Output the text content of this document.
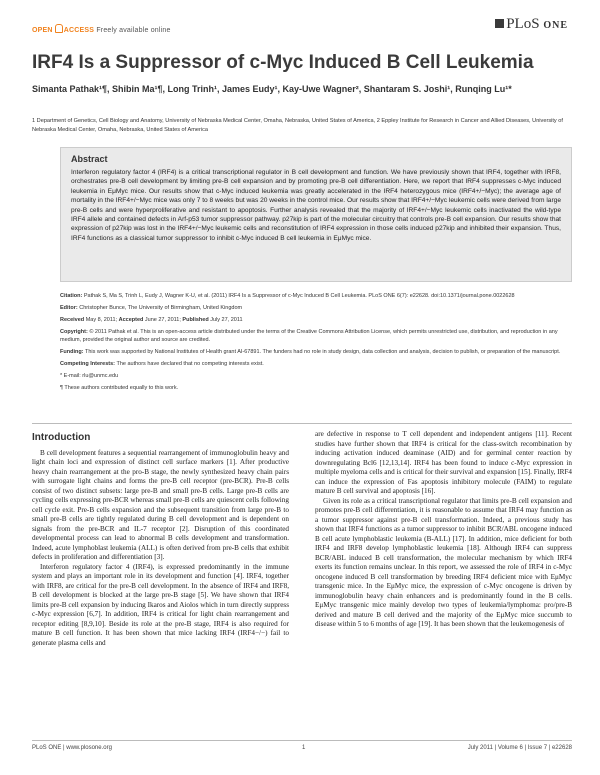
OPEN ACCESS Freely available online	PLoS ONE
IRF4 Is a Suppressor of c-Myc Induced B Cell Leukemia
Simanta Pathak¹¶, Shibin Ma¹¶, Long Trinh¹, James Eudy¹, Kay-Uwe Wagner², Shantaram S. Joshi¹, Runqing Lu¹*
1 Department of Genetics, Cell Biology and Anatomy, University of Nebraska Medical Center, Omaha, Nebraska, United States of America, 2 Eppley Institute for Research in Cancer and Allied Diseases, University of Nebraska Medical Center, Omaha, Nebraska, United States of America
Abstract

Interferon regulatory factor 4 (IRF4) is a critical transcriptional regulator in B cell development and function. We have previously shown that IRF4, together with IRF8, orchestrates pre-B cell development by limiting pre-B cell expansion and by promoting pre-B cell differentiation. Here, we report that IRF4 suppresses c-Myc induced leukemia in EμMyc mice. Our results show that c-Myc induced leukemia was greatly accelerated in the IRF4 heterozygous mice (IRF4+/−Myc); the average age of mortality in the IRF4+/−Myc mice was only 7 to 8 weeks but was 20 weeks in the control mice. Our results show that IRF4+/−Myc leukemic cells were derived from large pre-B cells and were hyperproliferative and resistant to apoptosis. Further analysis revealed that the majority of IRF4+/−Myc leukemic cells inactivated the wild-type IRF4 allele and contained defects in Arf-p53 tumor suppressor pathway. p27kip is part of the molecular circuitry that controls pre-B cell expansion. Our results show that expression of p27kip was lost in the IRF4+/−Myc leukemic cells and reconstitution of IRF4 expression in those cells induced p27kip and inhibited their expansion. Thus, IRF4 functions as a classical tumor suppressor to inhibit c-Myc induced B cell leukemia in EμMyc mice.

Citation: Pathak S, Ma S, Trinh L, Eudy J, Wagner K-U, et al. (2011) IRF4 Is a Suppressor of c-Myc Induced B Cell Leukemia. PLoS ONE 6(7): e22628. doi:10.1371/journal.pone.0022628

Editor: Christopher Bunce, The University of Birmingham, United Kingdom

Received May 8, 2011; Accepted June 27, 2011; Published July 27, 2011

Copyright: © 2011 Pathak et al. This is an open-access article distributed under the terms of the Creative Commons Attribution License, which permits unrestricted use, distribution, and reproduction in any medium, provided the original author and source are credited.

Funding: This work was supported by National Institutes of Health grant AI-67891. The funders had no role in study design, data collection and analysis, decision to publish, or preparation of the manuscript.

Competing Interests: The authors have declared that no competing interests exist.

* E-mail: rlu@unmc.edu

¶ These authors contributed equally to this work.

Introduction

B cell development features a sequential rearrangement of immunoglobulin heavy and light chain loci and expression of distinct cell surface markers [1]. After productive heavy chain rearrangement at the pro-B stage, the newly synthesized heavy chain pairs with surrogate light chains and forms the pre-B cell receptor (pre-BCR). Pre-B cells consist of two distinct subsets: large pre-B and small pre-B cells. Large pre-B cells are cycling cells expressing pre-BCR whereas small pre-B cells are quiescent cells following cell cycle exit. Pre-B cells expansion and the subsequent transition from large pre-B to small pre-B cells are tightly regulated during B cell development and is dependent on signals from the pre-BCR and IL-7 receptor [2]. Disruption of this coordinated developmental process can lead to abnormal B cells development and transformation. Indeed, acute lymphoblast leukemia (ALL) is often derived from pre-B cells that exhibit defects in proliferation and differentiation [3].

Interferon regulatory factor 4 (IRF4), is expressed predominantly in the immune system and plays an important role in its development and function [4]. IRF4, together with IRF8, are critical for the pre-B cell development. In the absence of IRF4 and IRF8, B cell development is blocked at the large pre-B stage [5]. We have shown that IRF4 limits pre-B cell expansion by inducing Ikaros and Aiolos which in turn directly suppress c-Myc expression [6,7]. In addition, IRF4 is critical for light chain rearrangement and receptor editing [8,9,10]. Beside its role at the pre-B stage, IRF4 is also required for mature B cell function. It has been shown that mice lacking IRF4 (IRF4−/−) fail to generate plasma cells and

are defective in response to T cell dependent and independent antigens [11]. Recent studies have further shown that IRF4 is critical for the class-switch recombination by inducing activation induced deaminase (AID) and for germinal center reaction by downregulating Bcl6 [12,13,14]. IRF4 has been found to induce c-Myc expression in multiple myeloma cells and is critical for their survival and expansion [15]. Finally, IRF4 can induce the expression of Fas apoptosis inhibitory molecule (FAIM) to regulate mature B cell survival and apoptosis [16].

Given its role as a critical transcriptional regulator that limits pre-B cell expansion and promotes pre-B cell differentiation, it is reasonable to assume that IRF4 may function as a tumor suppressor against pre-B cell transformation. Indeed, a previous study has shown that IRF4 functions as a tumor suppressor to inhibit BCR/ABL oncogene induced B cell acute lymphoblastic leukemia (B-ALL) [17]. In addition, mice deficient for both IRF4 and IRF8 develop lymphoblastic leukemia [18]. Although IRF4 can suppress BCR/ABL induced B cell transformation, the molecular mechanism by which IRF4 exerts its function remains unclear. In this report, we assessed the role of IRF4 in c-Myc oncogene induced B cell transformation by breeding IRF4 deficient mice with EμMyc transgenic mice. In the EμMyc mice, the expression of c-Myc oncogene is driven by immunoglobulin heavy chain enhancers and is predominantly found in the B cells. EμMyc transgenic mice mainly develop two types of leukemia/lymphoma: pro/pre-B derived and mature B cell derived and the majority of the EμMyc mice succumb to disease within 5 to 6 months of age [19]. It has been shown that the leukemogenesis of

PLoS ONE | www.plosone.org	1	July 2011 | Volume 6 | Issue 7 | e22628
